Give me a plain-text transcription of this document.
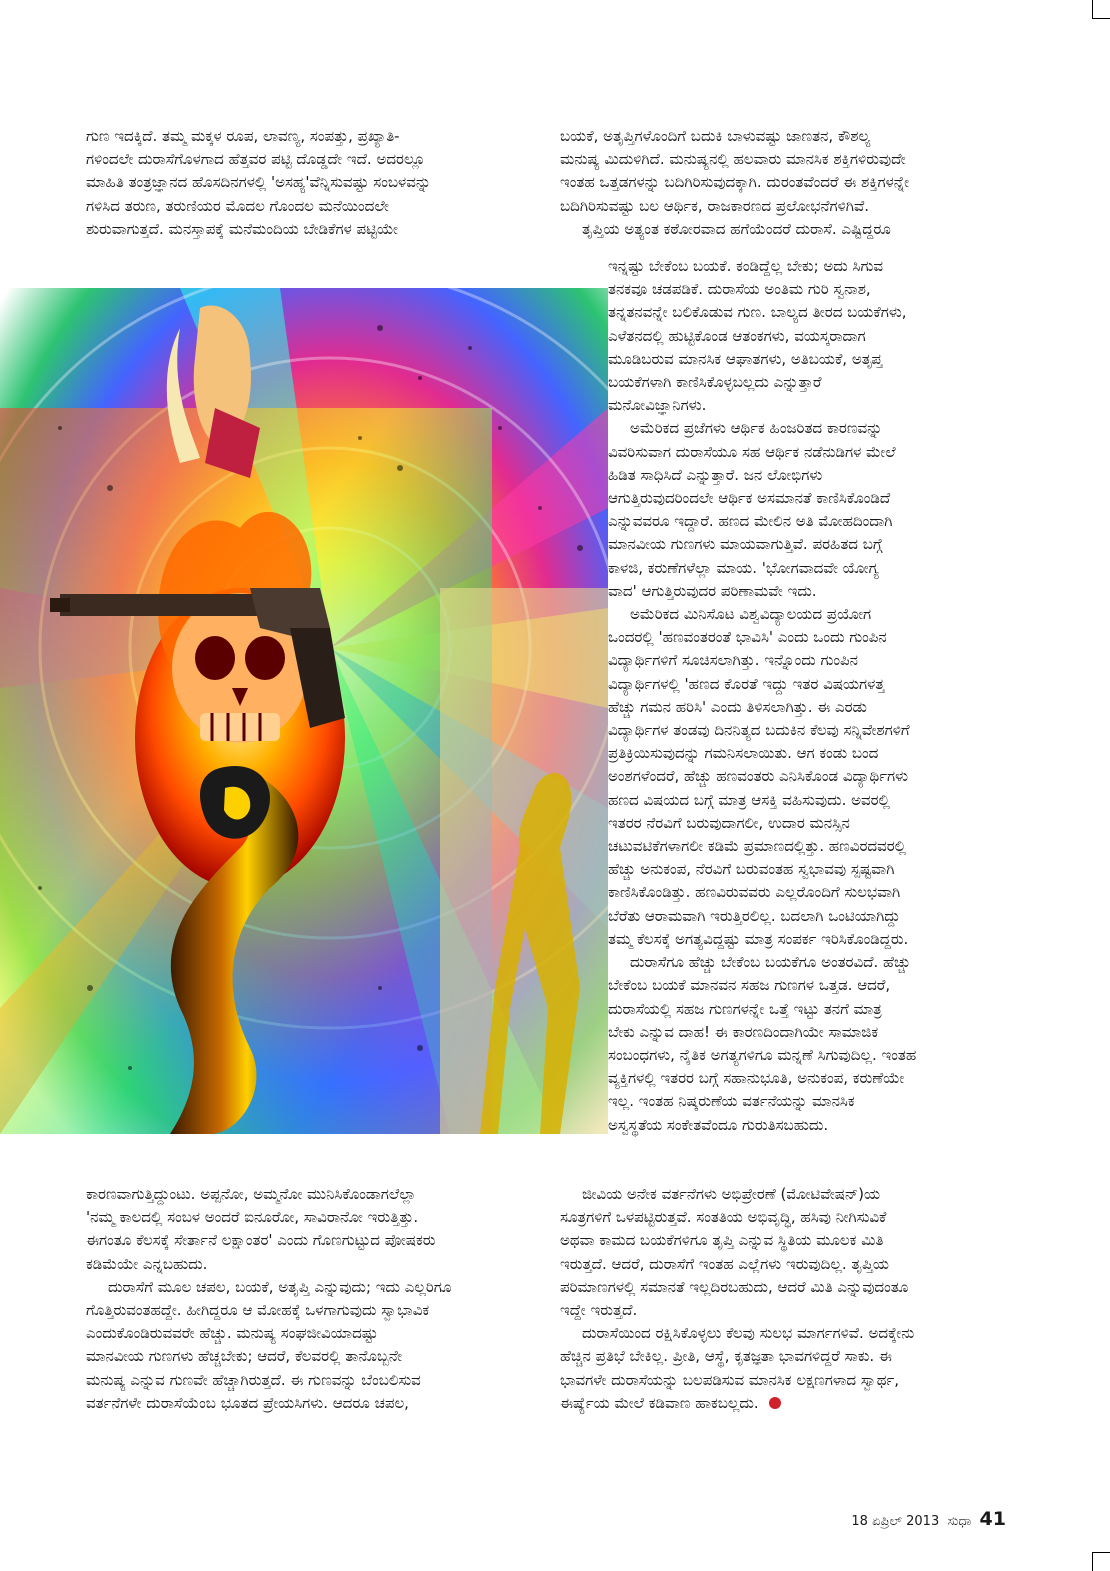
ಗುಣ ಇದಕ್ಕಿದೆ. ತಮ್ಮ ಮಕ್ಕಳ ರೂಪ, ಲಾವಣ್ಯ, ಸಂಪತ್ತು, ಪ್ರಖ್ಯಾತಿ-
ಗಳಿಂದಲೇ ದುರಾಸೆಗೊಳಗಾದ ಹೆತ್ತವರ ಪಟ್ಟಿ ದೊಡ್ಡದೇ ಇದೆ. ಅದರಲ್ಲೂ
ಮಾಹಿತಿ ತಂತ್ರಜ್ಞಾನದ ಹೊಸದಿನಗಳಲ್ಲಿ 'ಅಸಹ್ಯ'ವೆನ್ನಿಸುವಷ್ಟು ಸಂಬಳವನ್ನು
ಗಳಿಸಿದ ತರುಣ, ತರುಣಿಯರ ಮೊದಲ ಗೊಂದಲ ಮನೆಯಿಂದಲೇ
ಶುರುವಾಗುತ್ತದೆ. ಮನಸ್ತಾಪಕ್ಕೆ ಮನೆಮಂದಿಯ ಬೇಡಿಕೆಗಳ ಪಟ್ಟಿಯೇ
ಬಯಕೆ, ಅತೃಪ್ತಿಗಳೊಂದಿಗೆ ಬದುಕಿ ಬಾಳುವಷ್ಟು ಜಾಣತನ, ಕೌಶಲ್ಯ
ಮನುಷ್ಯ ಮಿದುಳಿಗಿದೆ. ಮನುಷ್ಯನಲ್ಲಿ ಹಲವಾರು ಮಾನಸಿಕ ಶಕ್ತಿಗಳಿರುವುದೇ
ಇಂತಹ ಒತ್ತಡಗಳನ್ನು ಬದಿಗಿರಿಸುವುದಕ್ಕಾಗಿ. ದುರಂತವೆಂದರೆ ಈ ಶಕ್ತಿಗಳನ್ನೇ
ಬದಿಗಿರಿಸುವಷ್ಟು ಬಲ ಆರ್ಥಿಕ, ರಾಜಕಾರಣದ ಪ್ರಲೋಭನೆಗಳಿಗಿವೆ.
ತೃಪ್ತಿಯ ಅತ್ಯಂತ ಕಠೋರವಾದ ಹಗೆಯೆಂದರೆ ದುರಾಸೆ. ಎಷ್ಟಿದ್ದರೂ
ಇನ್ನಷ್ಟು ಬೇಕೆಂಬ ಬಯಕೆ. ಕಂಡಿದ್ದೆಲ್ಲ ಬೇಕು; ಅದು ಸಿಗುವ
ತನಕವೂ ಚಡಪಡಿಕೆ. ದುರಾಸೆಯ ಅಂತಿಮ ಗುರಿ ಸ್ವನಾಶ,
ತನ್ನತನವನ್ನೇ ಬಲಿಕೊಡುವ ಗುಣ. ಬಾಲ್ಯದ ತೀರದ ಬಯಕೆಗಳು,
ಎಳೆತನದಲ್ಲಿ ಹುಟ್ಟಿಕೊಂಡ ಆತಂಕಗಳು, ವಯಸ್ಕರಾದಾಗ
ಮೂಡಿಬರುವ ಮಾನಸಿಕ ಆಘಾತಗಳು, ಅತಿಬಯಕೆ, ಅತೃಪ್ತ
ಬಯಕೆಗಳಾಗಿ ಕಾಣಿಸಿಕೊಳ್ಳಬಲ್ಲದು ಎನ್ನುತ್ತಾರೆ
ಮನೋವಿಜ್ಞಾನಿಗಳು.
ಅಮೆರಿಕದ ಪ್ರಜೆಗಳು ಆರ್ಥಿಕ ಹಿಂಜರಿತದ ಕಾರಣವನ್ನು
ವಿವರಿಸುವಾಗ ದುರಾಸೆಯೂ ಸಹ ಆರ್ಥಿಕ ನಡೆನುಡಿಗಳ ಮೇಲೆ
ಹಿಡಿತ ಸಾಧಿಸಿದೆ ಎನ್ನುತ್ತಾರೆ. ಜನ ಲೋಭಿಗಳು
ಆಗುತ್ತಿರುವುದರಿಂದಲೇ ಆರ್ಥಿಕ ಅಸಮಾನತೆ ಕಾಣಿಸಿಕೊಂಡಿದೆ
ಎನ್ನುವವರೂ ಇದ್ದಾರೆ. ಹಣದ ಮೇಲಿನ ಅತಿ ಮೋಹದಿಂದಾಗಿ
ಮಾನವೀಯ ಗುಣಗಳು ಮಾಯವಾಗುತ್ತಿವೆ. ಪರಹಿತದ ಬಗ್ಗೆ
ಕಾಳಜಿ, ಕರುಣೆಗಳೆಲ್ಲಾ ಮಾಯ. 'ಭೋಗವಾದವೇ ಯೋಗ್ಯ
ವಾದ' ಆಗುತ್ತಿರುವುದರ ಪರಿಣಾಮವೇ ಇದು.
ಅಮೆರಿಕದ ಮಿನಿಸೊಟ ವಿಶ್ವವಿದ್ಯಾಲಯದ ಪ್ರಯೋಗ
ಒಂದರಲ್ಲಿ 'ಹಣವಂತರಂತೆ ಭಾವಿಸಿ' ಎಂದು ಒಂದು ಗುಂಪಿನ
ವಿದ್ಯಾರ್ಥಿಗಳಿಗೆ ಸೂಚಿಸಲಾಗಿತ್ತು. ಇನ್ನೊಂದು ಗುಂಪಿನ
ವಿದ್ಯಾರ್ಥಿಗಳಲ್ಲಿ 'ಹಣದ ಕೊರತೆ ಇದ್ದು ಇತರ ವಿಷಯಗಳತ್ತ
ಹೆಚ್ಚು ಗಮನ ಹರಿಸಿ' ಎಂದು ತಿಳಿಸಲಾಗಿತ್ತು. ಈ ಎರಡು
ವಿದ್ಯಾರ್ಥಿಗಳ ತಂಡವು ದಿನನಿತ್ಯದ ಬದುಕಿನ ಕೆಲವು ಸನ್ನಿವೇಶಗಳಿಗೆ
ಪ್ರತಿಕ್ರಿಯಿಸುವುದನ್ನು ಗಮನಿಸಲಾಯಿತು. ಆಗ ಕಂಡು ಬಂದ
ಅಂಶಗಳೆಂದರೆ, ಹೆಚ್ಚು ಹಣವಂತರು ಎನಿಸಿಕೊಂಡ ವಿದ್ಯಾರ್ಥಿಗಳು
ಹಣದ ವಿಷಯದ ಬಗ್ಗೆ ಮಾತ್ರ ಆಸಕ್ತಿ ವಹಿಸುವುದು. ಅವರಲ್ಲಿ
ಇತರರ ನೆರವಿಗೆ ಬರುವುದಾಗಲೀ, ಉದಾರ ಮನಸ್ಸಿನ
ಚಟುವಟಿಕೆಗಳಾಗಲೀ ಕಡಿಮೆ ಪ್ರಮಾಣದಲ್ಲಿತ್ತು. ಹಣವಿರದವರಲ್ಲಿ
ಹೆಚ್ಚು ಅನುಕಂಪ, ನೆರವಿಗೆ ಬರುವಂತಹ ಸ್ವಭಾವವು ಸ್ಪಷ್ಟವಾಗಿ
ಕಾಣಿಸಿಕೊಂಡಿತ್ತು. ಹಣವಿರುವವರು ಎಲ್ಲರೊಂದಿಗೆ ಸುಲಭವಾಗಿ
ಬೆರೆತು ಆರಾಮವಾಗಿ ಇರುತ್ತಿರಲಿಲ್ಲ. ಬದಲಾಗಿ ಒಂಟಿಯಾಗಿದ್ದು
ತಮ್ಮ ಕೆಲಸಕ್ಕೆ ಅಗತ್ಯವಿದ್ದಷ್ಟು ಮಾತ್ರ ಸಂಪರ್ಕ ಇರಿಸಿಕೊಂಡಿದ್ದರು.
ದುರಾಸೆಗೂ ಹೆಚ್ಚು ಬೇಕೆಂಬ ಬಯಕೆಗೂ ಅಂತರವಿದೆ. ಹೆಚ್ಚು
ಬೇಕೆಂಬ ಬಯಕೆ ಮಾನವನ ಸಹಜ ಗುಣಗಳ ಒತ್ತಡ. ಆದರೆ,
ದುರಾಸೆಯಲ್ಲಿ ಸಹಜ ಗುಣಗಳನ್ನೇ ಒತ್ತೆ ಇಟ್ಟು ತನಗೆ ಮಾತ್ರ
ಬೇಕು ಎನ್ನುವ ದಾಹ! ಈ ಕಾರಣದಿಂದಾಗಿಯೇ ಸಾಮಾಜಿಕ
ಸಂಬಂಧಗಳು, ನೈತಿಕ ಅಗತ್ಯಗಳಿಗೂ ಮನ್ನಣೆ ಸಿಗುವುದಿಲ್ಲ. ಇಂತಹ
ವ್ಯಕ್ತಿಗಳಲ್ಲಿ ಇತರರ ಬಗ್ಗೆ ಸಹಾನುಭೂತಿ, ಅನುಕಂಪ, ಕರುಣೆಯೇ
ಇಲ್ಲ. ಇಂತಹ ನಿಷ್ಕರುಣೆಯ ವರ್ತನೆಯನ್ನು ಮಾನಸಿಕ
ಅಸ್ವಸ್ಥತೆಯ ಸಂಕೇತವೆಂದೂ ಗುರುತಿಸಬಹುದು.
ಜೀವಿಯ ಅನೇಕ ವರ್ತನೆಗಳು ಅಭಿಪ್ರೇರಣೆ (ಮೋಟಿವೇಷನ್)ಯ
ಸೂತ್ರಗಳಿಗೆ ಒಳಪಟ್ಟಿರುತ್ತವೆ. ಸಂತತಿಯ ಅಭಿವೃದ್ಧಿ, ಹಸಿವು ನೀಗಿಸುವಿಕೆ
ಅಥವಾ ಕಾಮದ ಬಯಕೆಗಳಿಗೂ ತೃಪ್ತಿ ಎನ್ನುವ ಸ್ಥಿತಿಯ ಮೂಲಕ ಮಿತಿ
ಇರುತ್ತದೆ. ಆದರೆ, ದುರಾಸೆಗೆ ಇಂತಹ ಎಲ್ಲೆಗಳು ಇರುವುದಿಲ್ಲ. ತೃಪ್ತಿಯ
ಪರಿಮಾಣಗಳಲ್ಲಿ ಸಮಾನತೆ ಇಲ್ಲದಿರಬಹುದು, ಆದರೆ ಮಿತಿ ಎನ್ನುವುದಂತೂ
ಇದ್ದೇ ಇರುತ್ತದೆ.
ದುರಾಸೆಯಿಂದ ರಕ್ಷಿಸಿಕೊಳ್ಳಲು ಕೆಲವು ಸುಲಭ ಮಾರ್ಗಗಳಿವೆ. ಅದಕ್ಕೇನು
ಹೆಚ್ಚಿನ ಪ್ರತಿಭೆ ಬೇಕಿಲ್ಲ. ಪ್ರೀತಿ, ಆಸ್ಥೆ, ಕೃತಜ್ಞತಾ ಭಾವಗಳಿದ್ದರೆ ಸಾಕು. ಈ
ಭಾವಗಳೇ ದುರಾಸೆಯನ್ನು ಬಲಪಡಿಸುವ ಮಾನಸಿಕ ಲಕ್ಷಣಗಳಾದ ಸ್ವಾರ್ಥ,
ಈರ್ಷ್ಯೆಯ ಮೇಲೆ ಕಡಿವಾಣ ಹಾಕಬಲ್ಲದು.
ಕಾರಣವಾಗುತ್ತಿದ್ದುಂಟು. ಅಪ್ಪನೋ, ಅಮ್ಮನೋ ಮುನಿಸಿಕೊಂಡಾಗಲೆಲ್ಲಾ
'ನಮ್ಮ ಕಾಲದಲ್ಲಿ ಸಂಬಳ ಅಂದರೆ ಐನೂರೋ, ಸಾವಿರಾನೋ ಇರುತ್ತಿತ್ತು.
ಈಗಂತೂ ಕೆಲಸಕ್ಕೆ ಸೇರ್ತಾನೆ ಲಕ್ಷಾಂತರ' ಎಂದು ಗೊಣಗುಟ್ಟುದ ಪೋಷಕರು
ಕಡಿಮೆಯೇ ಎನ್ನಬಹುದು.
ದುರಾಸೆಗೆ ಮೂಲ ಚಪಲ, ಬಯಕೆ, ಅತೃಪ್ತಿ ಎನ್ನುವುದು; ಇದು ಎಲ್ಲರಿಗೂ
ಗೊತ್ತಿರುವಂತಹದ್ದೇ. ಹೀಗಿದ್ದರೂ ಆ ಮೋಹಕ್ಕೆ ಒಳಗಾಗುವುದು ಸ್ವಾಭಾವಿಕ
ಎಂದುಕೊಂಡಿರುವವರೇ ಹೆಚ್ಚು. ಮನುಷ್ಯ ಸಂಘಜೀವಿಯಾದಷ್ಟು
ಮಾನವೀಯ ಗುಣಗಳು ಹೆಚ್ಚಬೇಕು; ಆದರೆ, ಕೆಲವರಲ್ಲಿ ತಾನೊಬ್ಬನೇ
ಮನುಷ್ಯ ಎನ್ನುವ ಗುಣವೇ ಹೆಚ್ಚಾಗಿರುತ್ತದೆ. ಈ ಗುಣವನ್ನು ಬೆಂಬಲಿಸುವ
ವರ್ತನೆಗಳೇ ದುರಾಸೆಯೆಂಬ ಭೂತದ ಪ್ರೇಯಸಿಗಳು. ಆದರೂ ಚಪಲ,
18 ಏಪ್ರಿಲ್ 2013 ಸುಧಾ 41
